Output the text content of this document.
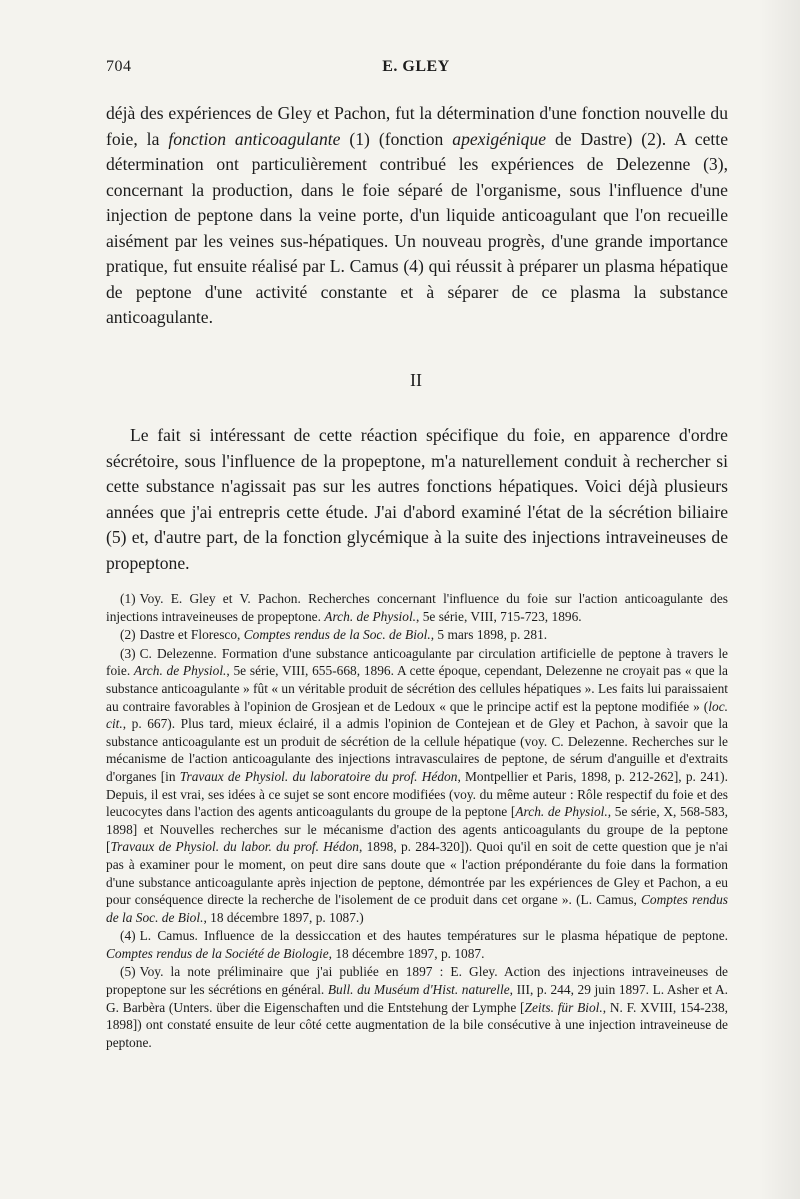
704	E. GLEY

déjà des expériences de Gley et Pachon, fut la détermination d'une fonction nouvelle du foie, la fonction anticoagulante (1) (fonction apexigénique de Dastre) (2). A cette détermination ont particulièrement contribué les expériences de Delezenne (3), concernant la production, dans le foie séparé de l'organisme, sous l'influence d'une injection de peptone dans la veine porte, d'un liquide anticoagulant que l'on recueille aisément par les veines sus-hépatiques. Un nouveau progrès, d'une grande importance pratique, fut ensuite réalisé par L. Camus (4) qui réussit à préparer un plasma hépatique de peptone d'une activité constante et à séparer de ce plasma la substance anticoagulante.

II

Le fait si intéressant de cette réaction spécifique du foie, en apparence d'ordre sécrétoire, sous l'influence de la propeptone, m'a naturellement conduit à rechercher si cette substance n'agissait pas sur les autres fonctions hépatiques. Voici déjà plusieurs années que j'ai entrepris cette étude. J'ai d'abord examiné l'état de la sécrétion biliaire (5) et, d'autre part, de la fonction glycémique à la suite des injections intraveineuses de propeptone.

(1) Voy. E. Gley et V. Pachon. Recherches concernant l'influence du foie sur l'action anticoagulante des injections intraveineuses de propeptone. Arch. de Physiol., 5e série, VIII, 715-723, 1896.

(2) Dastre et Floresco, Comptes rendus de la Soc. de Biol., 5 mars 1898, p. 281.

(3) C. Delezenne. Formation d'une substance anticoagulante par circulation artificielle de peptone à travers le foie. Arch. de Physiol., 5e série, VIII, 655-668, 1896. A cette époque, cependant, Delezenne ne croyait pas « que la substance anticoagulante » fût « un véritable produit de sécrétion des cellules hépatiques ». Les faits lui paraissaient au contraire favorables à l'opinion de Grosjean et de Ledoux « que le principe actif est la peptone modifiée » (loc. cit., p. 667). Plus tard, mieux éclairé, il a admis l'opinion de Contejean et de Gley et Pachon, à savoir que la substance anticoagulante est un produit de sécrétion de la cellule hépatique (voy. C. Delezenne. Recherches sur le mécanisme de l'action anticoagulante des injections intravasculaires de peptone, de sérum d'anguille et d'extraits d'organes [in Travaux de Physiol. du laboratoire du prof. Hédon, Montpellier et Paris, 1898, p. 212-262], p. 241). Depuis, il est vrai, ses idées à ce sujet se sont encore modifiées (voy. du même auteur : Rôle respectif du foie et des leucocytes dans l'action des agents anticoagulants du groupe de la peptone [Arch. de Physiol., 5e série, X, 568-583, 1898] et Nouvelles recherches sur le mécanisme d'action des agents anticoagulants du groupe de la peptone [Travaux de Physiol. du labor. du prof. Hédon, 1898, p. 284-320]). Quoi qu'il en soit de cette question que je n'ai pas à examiner pour le moment, on peut dire sans doute que « l'action prépondérante du foie dans la formation d'une substance anticoagulante après injection de peptone, démontrée par les expériences de Gley et Pachon, a eu pour conséquence directe la recherche de l'isolement de ce produit dans cet organe ». (L. Camus, Comptes rendus de la Soc. de Biol., 18 décembre 1897, p. 1087.)

(4) L. Camus. Influence de la dessiccation et des hautes températures sur le plasma hépatique de peptone. Comptes rendus de la Société de Biologie, 18 décembre 1897, p. 1087.

(5) Voy. la note préliminaire que j'ai publiée en 1897 : E. Gley. Action des injections intraveineuses de propeptone sur les sécrétions en général. Bull. du Muséum d'Hist. naturelle, III, p. 244, 29 juin 1897. L. Asher et A. G. Barbèra (Unters. über die Eigenschaften und die Entstehung der Lymphe [Zeits. für Biol., N. F. XVIII, 154-238, 1898]) ont constaté ensuite de leur côté cette augmentation de la bile consécutive à une injection intraveineuse de peptone.
